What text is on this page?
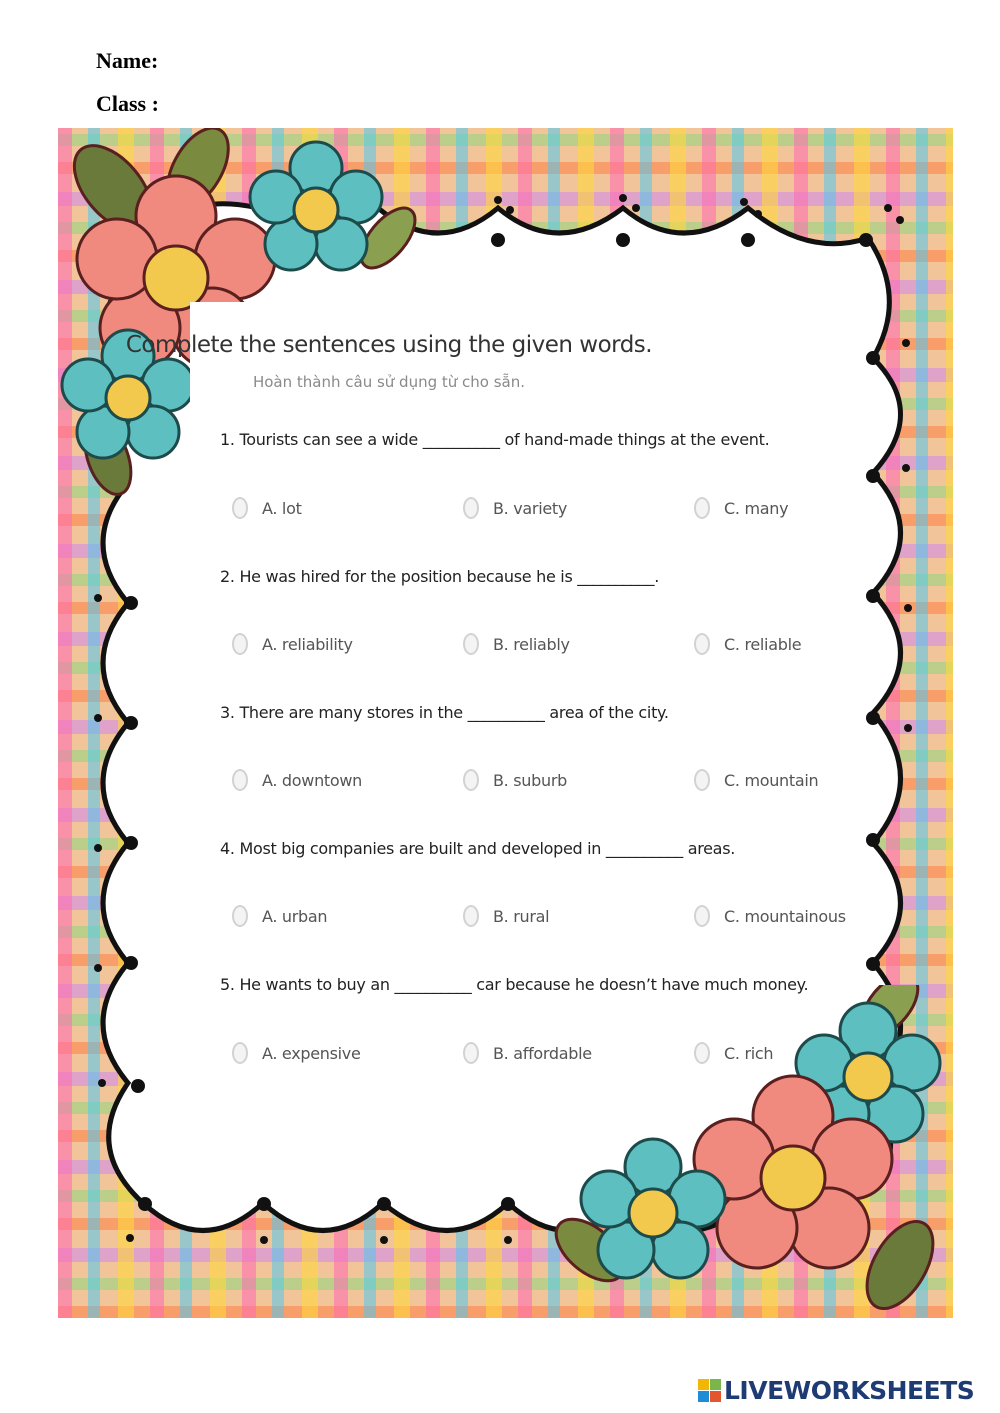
Name:
Class :
Complete the sentences using the given words.
Hoàn thành câu sử dụng từ cho sẵn.
1. Tourists can see a wide __________ of hand-made things at the event.
A. lot	B. variety	C. many
2. He was hired for the position because he is __________.
A. reliability	B. reliably	C. reliable
3. There are many stores in the __________ area of the city.
A. downtown	B. suburb	C. mountain
4. Most big companies are built and developed in __________ areas.
A. urban	B. rural	C. mountainous
5. He wants to buy an __________ car because he doesn’t have much money.
A. expensive	B. affordable	C. rich
LIVEWORKSHEETS
